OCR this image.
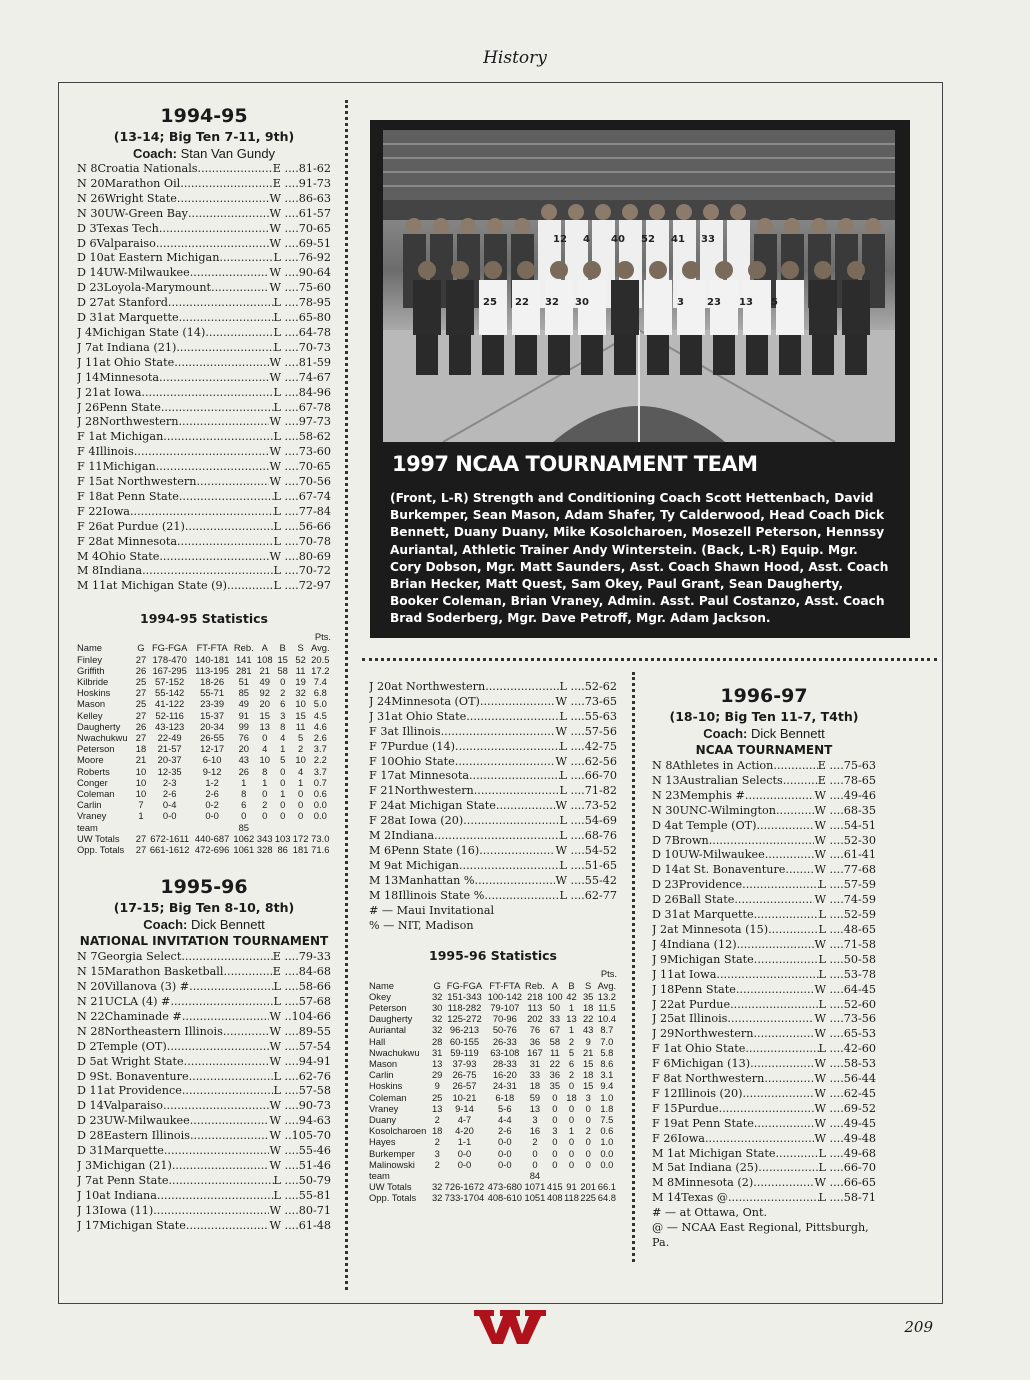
History
1994-95
(13-14; Big Ten 7-11, 9th)
Coach: Stan Van Gundy
N 8 Croatia Nationals .....	E ....81-62
N 20 Marathon Oil .....	E ....91-73
N 26 Wright State .....	W ....86-63
N 30 UW-Green Bay .....	W ....61-57
D 3 Texas Tech .....	W ....70-65
D 6 Valparaiso .....	W ....69-51
D 10 at Eastern Michigan .....	L ....76-92
D 14 UW-Milwaukee .....	W ....90-64
D 23 Loyola-Marymount .....	W ....75-60
D 27 at Stanford .....	L ....78-95
D 31 at Marquette .....	L ....65-80
J 4 Michigan State (14) .....	L ....64-78
J 7 at Indiana (21) .....	L ....70-73
J 11 at Ohio State .....	W ....81-59
J 14 Minnesota .....	W ....74-67
J 21 at Iowa .....	L ....84-96
J 26 Penn State .....	L ....67-78
J 28 Northwestern .....	W ....97-73
F 1 at Michigan .....	L ....58-62
F 4 Illinois .....	W ....73-60
F 11 Michigan .....	W ....70-65
F 15 at Northwestern .....	W ....70-56
F 18 at Penn State .....	L ....67-74
F 22 Iowa .....	L ....77-84
F 26 at Purdue (21) .....	L ....56-66
F 28 at Minnesota .....	L ....70-78
M 4 Ohio State .....	W ....80-69
M 8 Indiana .....	L ....70-72
M 11 at Michigan State (9) .....	L ....72-97
1994-95 Statistics
Pts.								
Name	G	FG-FGA	FT-FTA	Reb.	A	B	S	Avg.
Finley	27	178-470	140-181	141	108	15	52	20.5
Griffith	26	167-295	113-195	281	21	58	11	17.2
Kilbride	25	57-152	18-26	51	49	0	19	7.4
Hoskins	27	55-142	55-71	85	92	2	32	6.8
Mason	25	41-122	23-39	49	20	6	10	5.0
Kelley	27	52-116	15-37	91	15	3	15	4.5
Daugherty	26	43-123	20-34	99	13	8	11	4.6
Nwachukwu	27	22-49	26-55	76	0	4	5	2.6
Peterson	18	21-57	12-17	20	4	1	2	3.7
Moore	21	20-37	6-10	43	10	5	10	2.2
Roberts	10	12-35	9-12	26	8	0	4	3.7
Conger	10	2-3	1-2	1	1	0	1	0.7
Coleman	10	2-6	2-6	8	0	1	0	0.6
Carlin	7	0-4	0-2	6	2	0	0	0.0
Vraney	1	0-0	0-0	0	0	0	0	0.0
team				85				
UW Totals	27	672-1611	440-687	1062	343	103	172	73.0
Opp. Totals	27	661-1612	472-696	1061	328	86	181	71.6
1995-96
(17-15; Big Ten 8-10, 8th)
Coach: Dick Bennett
NATIONAL INVITATION TOURNAMENT
N 7 Georgia Select .....	E ....79-33
N 15 Marathon Basketball .....	E ....84-68
N 20 Villanova (3) # .....	L ....58-66
N 21 UCLA (4) # .....	L ....57-68
N 22 Chaminade # .....	W ..104-66
N 28 Northeastern Illinois .....	W ....89-55
D 2 Temple (OT) .....	W ....57-54
D 5 at Wright State .....	W ....94-91
D 9 St. Bonaventure .....	L ....62-76
D 11 at Providence .....	L ....57-58
D 14 Valparaiso .....	W ....90-73
D 23 UW-Milwaukee .....	W ....94-63
D 28 Eastern Illinois .....	W ..105-70
D 31 Marquette .....	W ....55-46
J 3 Michigan (21) .....	W ....51-46
J 7 at Penn State .....	L ....50-79
J 10 at Indiana .....	L ....55-81
J 13 Iowa (11) .....	W ....80-71
J 17 Michigan State .....	W ....61-48
12 4 40 52 41 33
25 22 32 30	3 23 13 5
1997 NCAA TOURNAMENT TEAM
(Front, L-R) Strength and Conditioning Coach Scott Hettenbach, David Burkemper, Sean Mason, Adam Shafer, Ty Calderwood, Head Coach Dick Bennett, Duany Duany, Mike Kosolcharoen, Mosezell Peterson, Hennssy Auriantal, Athletic Trainer Andy Winterstein. (Back, L-R) Equip. Mgr. Cory Dobson, Mgr. Matt Saunders, Asst. Coach Shawn Hood, Asst. Coach Brian Hecker, Matt Quest, Sam Okey, Paul Grant, Sean Daugherty, Booker Coleman, Brian Vraney, Admin. Asst. Paul Costanzo, Asst. Coach Brad Soderberg, Mgr. Dave Petroff, Mgr. Adam Jackson.
J 20 at Northwestern .....	L ....52-62
J 24 Minnesota (OT) .....	W ....73-65
J 31 at Ohio State .....	L ....55-63
F 3 at Illinois .....	W ....57-56
F 7 Purdue (14) .....	L ....42-75
F 10 Ohio State .....	W ....62-56
F 17 at Minnesota .....	L ....66-70
F 21 Northwestern .....	L ....71-82
F 24 at Michigan State .....	W ....73-52
F 28 at Iowa (20) .....	L ....54-69
M 2 Indiana .....	L ....68-76
M 6 Penn State (16) .....	W ....54-52
M 9 at Michigan .....	L ....51-65
M 13 Manhattan % .....	W ....55-42
M 18 Illinois State % .....	L ....62-77
# — Maui Invitational
% — NIT, Madison
1995-96 Statistics
Pts.								
Name	G	FG-FGA	FT-FTA	Reb.	A	B	S	Avg.
Okey	32	151-343	100-142	218	100	42	35	13.2
Peterson	30	118-282	79-107	113	50	1	18	11.5
Daugherty	32	125-272	70-96	202	33	13	22	10.4
Auriantal	32	96-213	50-76	76	67	1	43	8.7
Hall	28	60-155	26-33	36	58	2	9	7.0
Nwachukwu	31	59-119	63-108	167	11	5	21	5.8
Mason	13	37-93	28-33	31	22	6	15	8.6
Carlin	29	26-75	16-20	33	36	2	18	3.1
Hoskins	9	26-57	24-31	18	35	0	15	9.4
Coleman	25	10-21	6-18	59	0	18	3	1.0
Vraney	13	9-14	5-6	13	0	0	0	1.8
Duany	2	4-7	4-4	3	0	0	0	7.5
Kosolcharoen	18	4-20	2-6	16	3	1	2	0.6
Hayes	2	1-1	0-0	2	0	0	0	1.0
Burkemper	3	0-0	0-0	0	0	0	0	0.0
Malinowski	2	0-0	0-0	0	0	0	0	0.0
team				84				
UW Totals	32	726-1672	473-680	1071	415	91	201	66.1
Opp. Totals	32	733-1704	408-610	1051	408	118	225	64.8
1996-97
(18-10; Big Ten 11-7, T4th)
Coach: Dick Bennett
NCAA TOURNAMENT
N 8 Athletes in Action .....	E ....75-63
N 13 Australian Selects .....	E ....78-65
N 23 Memphis # .....	W ....49-46
N 30 UNC-Wilmington .....	W ....68-35
D 4 at Temple (OT) .....	W ....54-51
D 7 Brown .....	W ....52-30
D 10 UW-Milwaukee .....	W ....61-41
D 14 at St. Bonaventure .....	W ....77-68
D 23 Providence .....	L ....57-59
D 26 Ball State .....	W ....74-59
D 31 at Marquette .....	L ....52-59
J 2 at Minnesota (15) .....	L ....48-65
J 4 Indiana (12) .....	W ....71-58
J 9 Michigan State .....	L ....50-58
J 11 at Iowa .....	L ....53-78
J 18 Penn State .....	W ....64-45
J 22 at Purdue .....	L ....52-60
J 25 at Illinois .....	W ....73-56
J 29 Northwestern .....	W ....65-53
F 1 at Ohio State .....	L ....42-60
F 6 Michigan (13) .....	W ....58-53
F 8 at Northwestern .....	W ....56-44
F 12 Illinois (20) .....	W ....62-45
F 15 Purdue .....	W ....69-52
F 19 at Penn State .....	W ....49-45
F 26 Iowa .....	W ....49-48
M 1 at Michigan State .....	L ....49-68
M 5 at Indiana (25) .....	L ....66-70
M 8 Minnesota (2) .....	W ....66-65
M 14 Texas @ .....	L ....58-71
# — at Ottawa, Ont.
@ — NCAA East Regional, Pittsburgh, Pa.
209
